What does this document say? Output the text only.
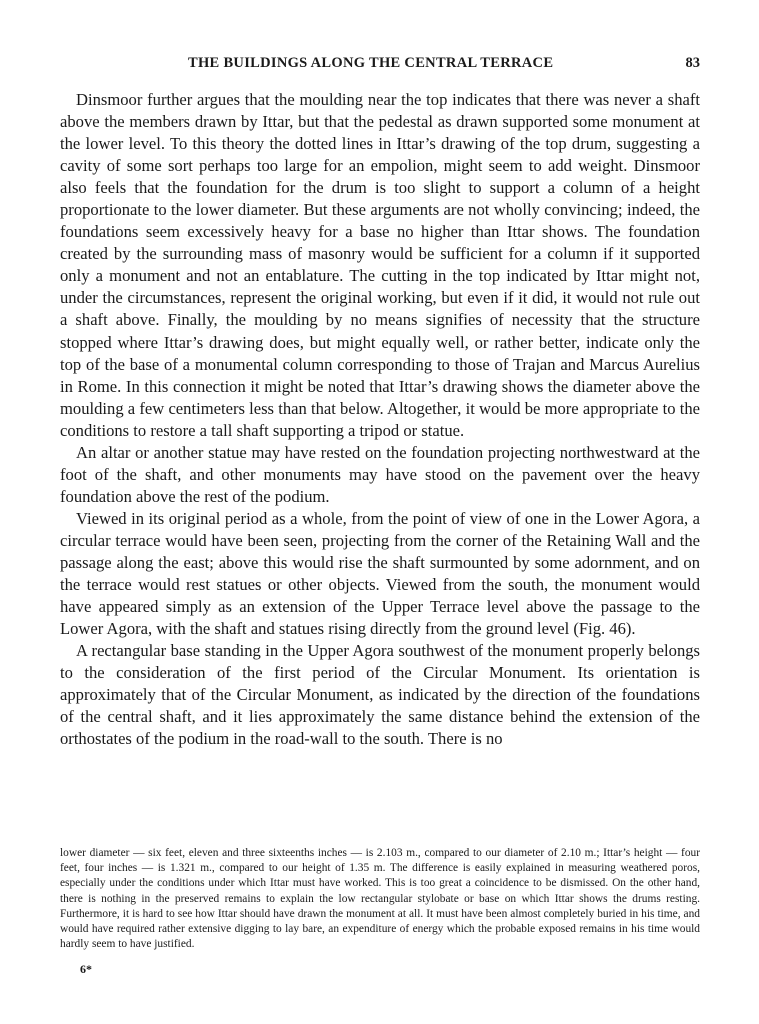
THE BUILDINGS ALONG THE CENTRAL TERRACE	83

Dinsmoor further argues that the moulding near the top indicates that there was never a shaft above the members drawn by Ittar, but that the pedestal as drawn supported some monument at the lower level. To this theory the dotted lines in Ittar’s drawing of the top drum, suggesting a cavity of some sort perhaps too large for an empolion, might seem to add weight. Dinsmoor also feels that the foundation for the drum is too slight to support a column of a height proportionate to the lower diameter. But these arguments are not wholly convincing; indeed, the foundations seem excessively heavy for a base no higher than Ittar shows. The foundation created by the surrounding mass of masonry would be sufficient for a column if it supported only a monument and not an entablature. The cutting in the top indicated by Ittar might not, under the circumstances, represent the original working, but even if it did, it would not rule out a shaft above. Finally, the moulding by no means signifies of necessity that the structure stopped where Ittar’s drawing does, but might equally well, or rather better, indicate only the top of the base of a monumental column corresponding to those of Trajan and Marcus Aurelius in Rome. In this connection it might be noted that Ittar’s drawing shows the diameter above the moulding a few centimeters less than that below. Altogether, it would be more appropriate to the conditions to restore a tall shaft supporting a tripod or statue.

An altar or another statue may have rested on the foundation projecting northwestward at the foot of the shaft, and other monuments may have stood on the pavement over the heavy foundation above the rest of the podium.

Viewed in its original period as a whole, from the point of view of one in the Lower Agora, a circular terrace would have been seen, projecting from the corner of the Retaining Wall and the passage along the east; above this would rise the shaft surmounted by some adornment, and on the terrace would rest statues or other objects. Viewed from the south, the monument would have appeared simply as an extension of the Upper Terrace level above the passage to the Lower Agora, with the shaft and statues rising directly from the ground level (Fig. 46).

A rectangular base standing in the Upper Agora southwest of the monument properly belongs to the consideration of the first period of the Circular Monument. Its orientation is approximately that of the Circular Monument, as indicated by the direction of the foundations of the central shaft, and it lies approximately the same distance behind the extension of the orthostates of the podium in the road-wall to the south. There is no

lower diameter — six feet, eleven and three sixteenths inches — is 2.103 m., compared to our diameter of 2.10 m.; Ittar’s height — four feet, four inches — is 1.321 m., compared to our height of 1.35 m. The difference is easily explained in measuring weathered poros, especially under the conditions under which Ittar must have worked. This is too great a coincidence to be dismissed. On the other hand, there is nothing in the preserved remains to explain the low rectangular stylobate or base on which Ittar shows the drums resting. Furthermore, it is hard to see how Ittar should have drawn the monument at all. It must have been almost completely buried in his time, and would have required rather extensive digging to lay bare, an expenditure of energy which the probable exposed remains in his time would hardly seem to have justified.

6*
